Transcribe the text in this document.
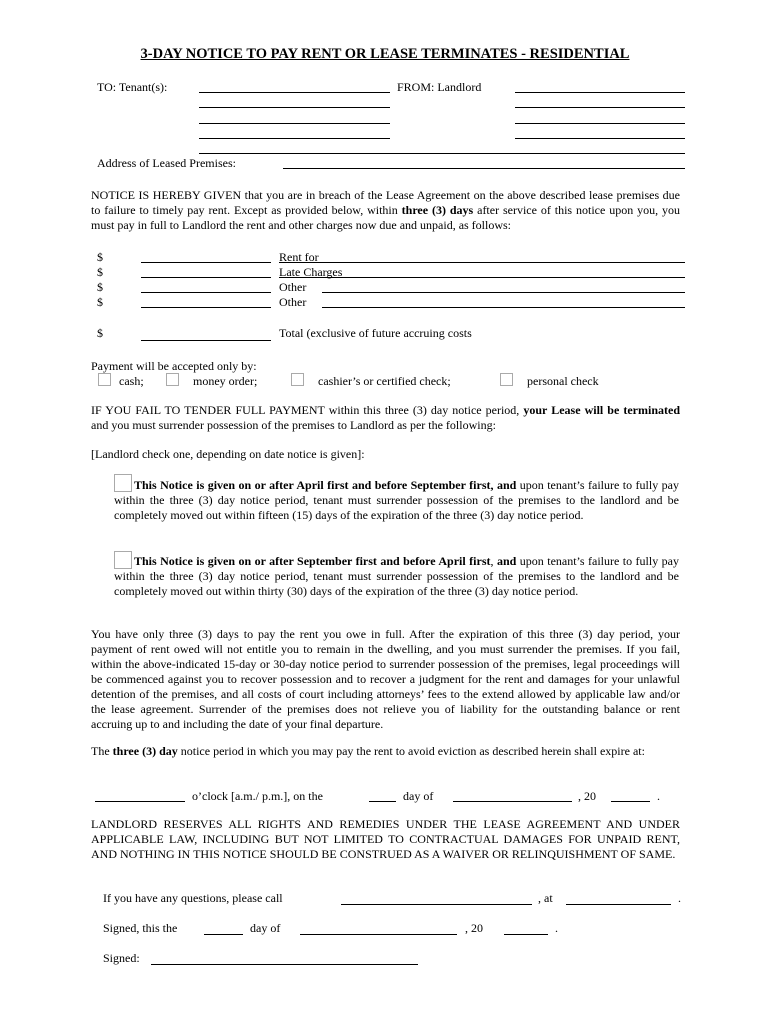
3-DAY NOTICE TO PAY RENT OR LEASE TERMINATES - RESIDENTIAL
TO: Tenant(s):	FROM: Landlord
Address of Leased Premises:
NOTICE IS HEREBY GIVEN that you are in breach of the Lease Agreement on the above described lease premises due to failure to timely pay rent. Except as provided below, within three (3) days after service of this notice upon you, you must pay in full to Landlord the rent and other charges now due and unpaid, as follows:
$	Rent for
$	Late Charges
$	Other
$	Other
$	Total (exclusive of future accruing costs
Payment will be accepted only by:
cash;	money order;	cashier’s or certified check;	personal check
IF YOU FAIL TO TENDER FULL PAYMENT within this three (3) day notice period, your Lease will be terminated and you must surrender possession of the premises to Landlord as per the following:
[Landlord check one, depending on date notice is given]:
This Notice is given on or after April first and before September first, and upon tenant’s failure to fully pay within the three (3) day notice period, tenant must surrender possession of the premises to the landlord and be completely moved out within fifteen (15) days of the expiration of the three (3) day notice period.
This Notice is given on or after September first and before April first, and upon tenant’s failure to fully pay within the three (3) day notice period, tenant must surrender possession of the premises to the landlord and be completely moved out within thirty (30) days of the expiration of the three (3) day notice period.
You have only three (3) days to pay the rent you owe in full. After the expiration of this three (3) day period, your payment of rent owed will not entitle you to remain in the dwelling, and you must surrender the premises. If you fail, within the above-indicated 15-day or 30-day notice period to surrender possession of the premises, legal proceedings will be commenced against you to recover possession and to recover a judgment for the rent and damages for your unlawful detention of the premises, and all costs of court including attorneys’ fees to the extend allowed by applicable law and/or the lease agreement. Surrender of the premises does not relieve you of liability for the outstanding balance or rent accruing up to and including the date of your final departure.
The three (3) day notice period in which you may pay the rent to avoid eviction as described herein shall expire at:
o’clock [a.m./ p.m.], on the	day of	, 20	.
LANDLORD RESERVES ALL RIGHTS AND REMEDIES UNDER THE LEASE AGREEMENT AND UNDER APPLICABLE LAW, INCLUDING BUT NOT LIMITED TO CONTRACTUAL DAMAGES FOR UNPAID RENT, AND NOTHING IN THIS NOTICE SHOULD BE CONSTRUED AS A WAIVER OR RELINQUISHMENT OF SAME.
If you have any questions, please call	, at	.
Signed, this the	day of	, 20	.
Signed:
